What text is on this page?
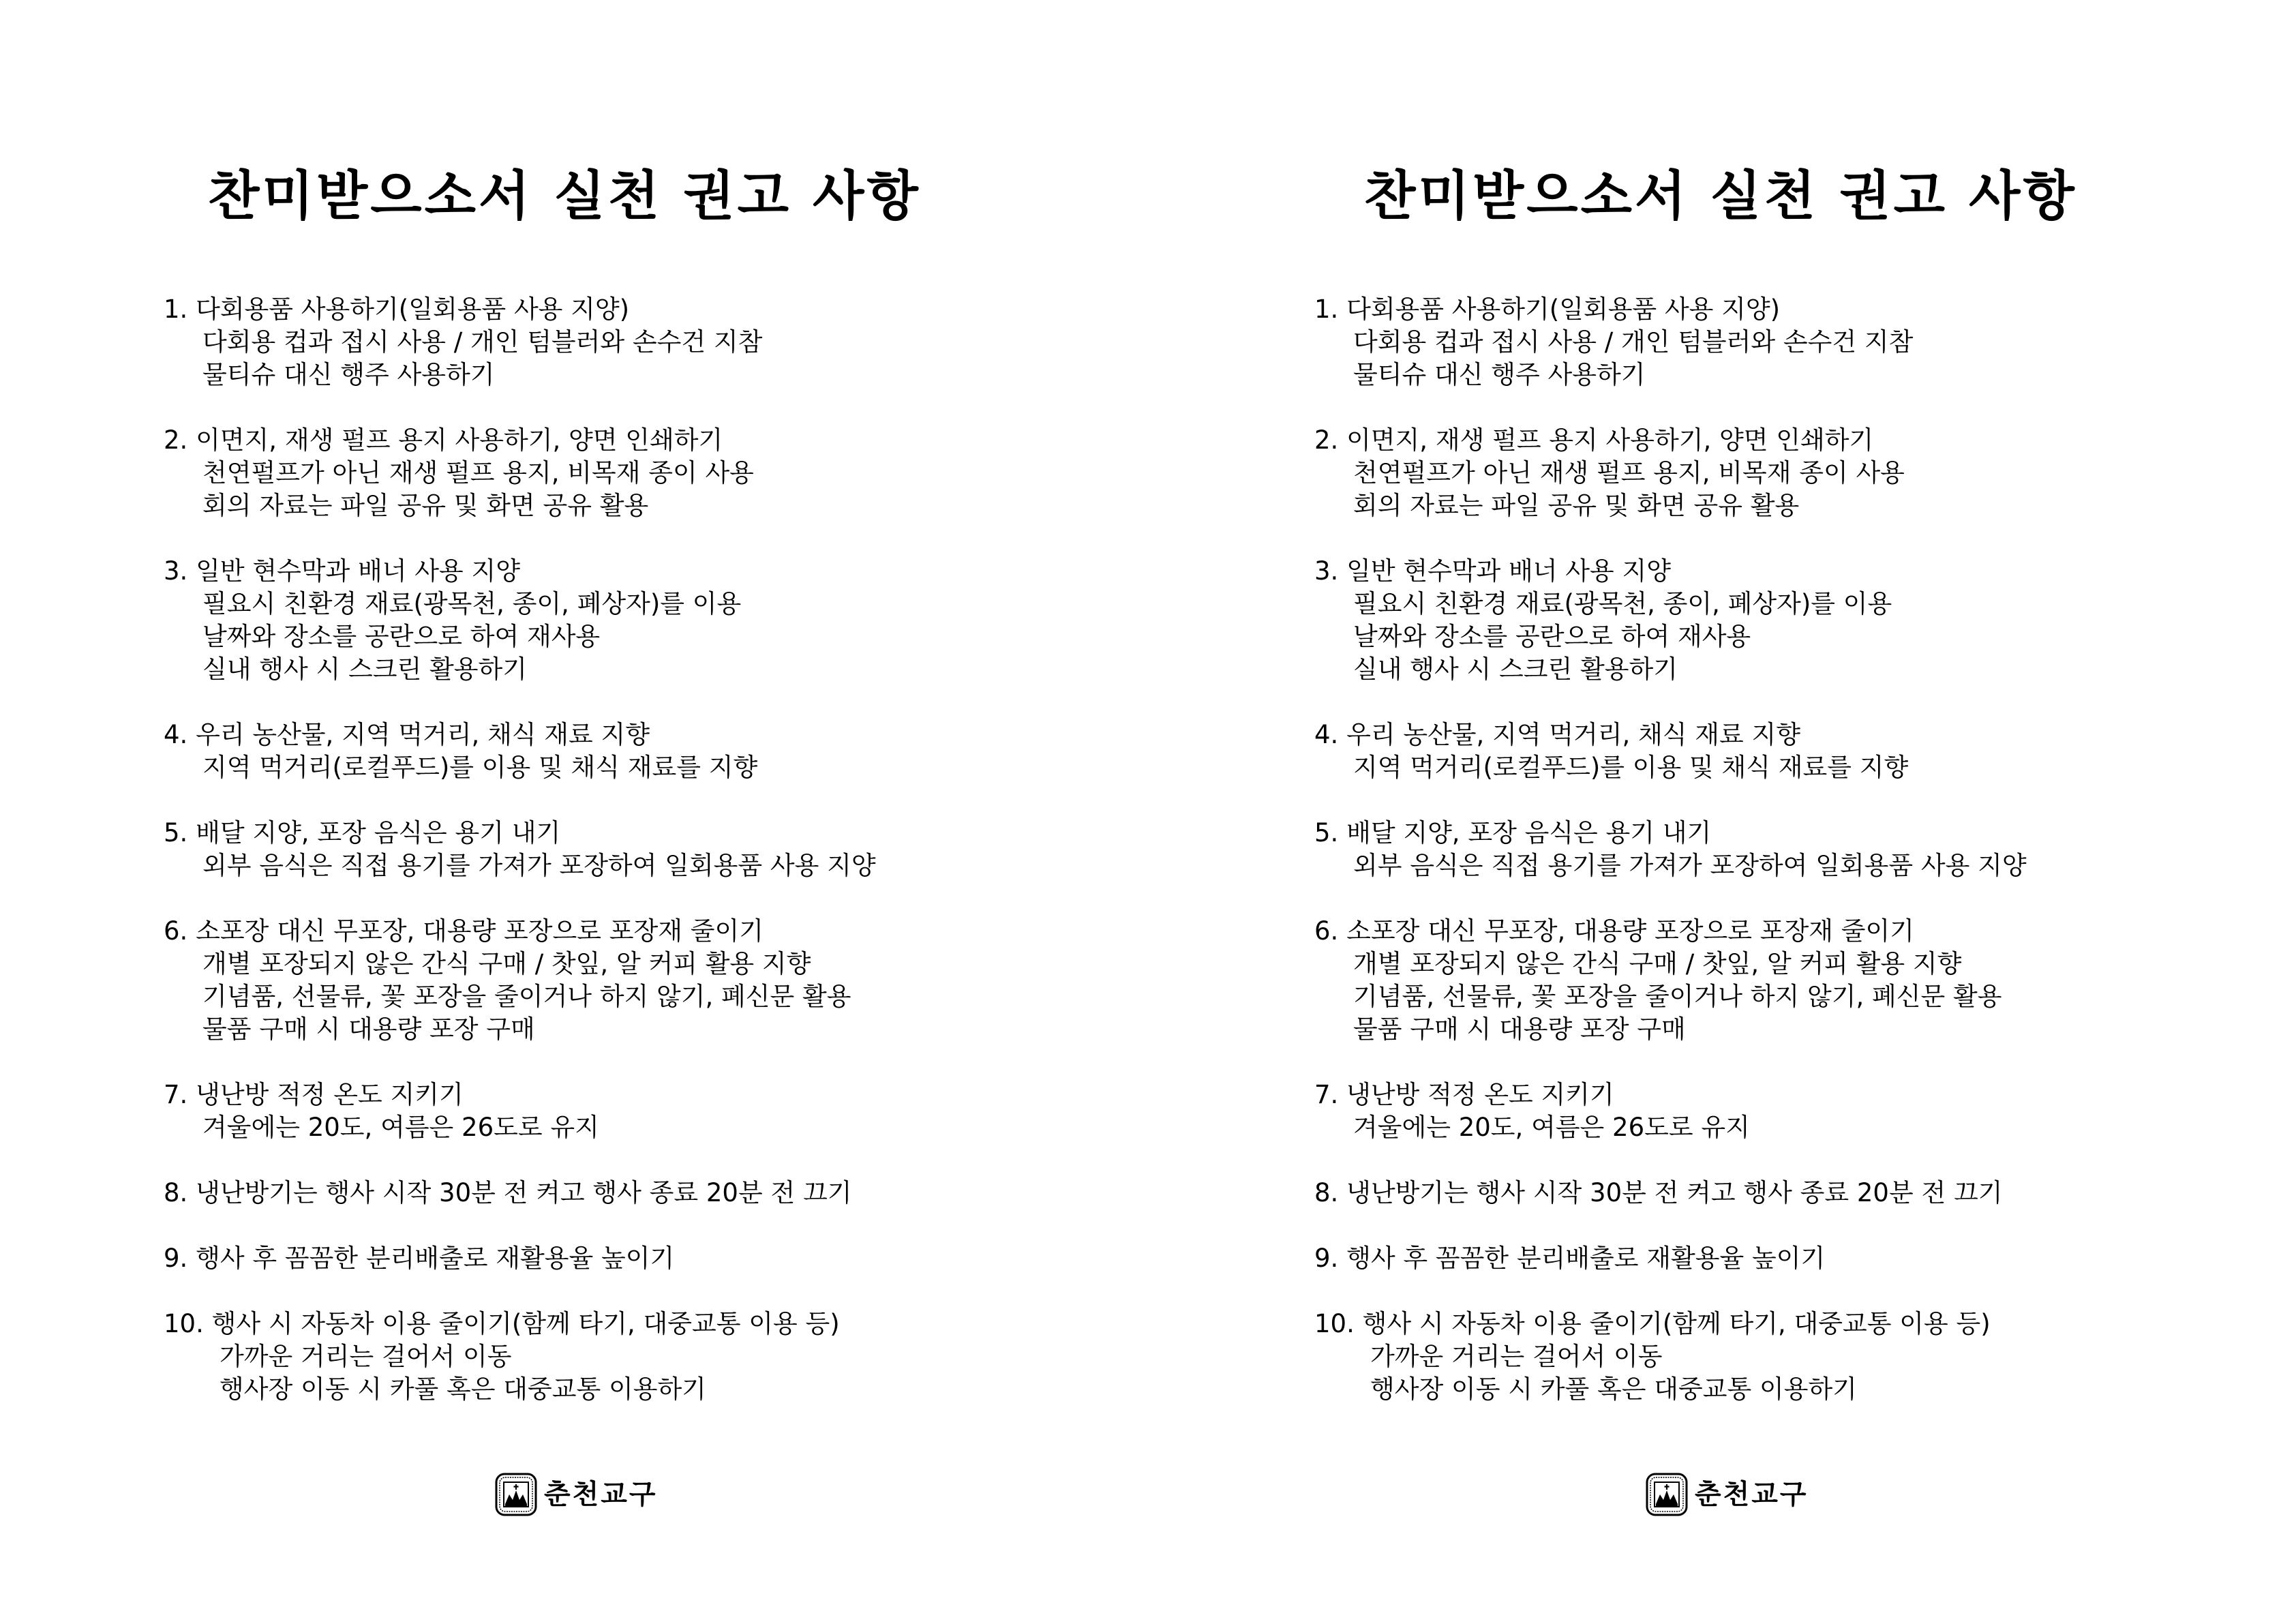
찬미받으소서 실천 권고 사항
1. 다회용품 사용하기(일회용품 사용 지양)
다회용 컵과 접시 사용 / 개인 텀블러와 손수건 지참
물티슈 대신 행주 사용하기
2. 이면지, 재생 펄프 용지 사용하기, 양면 인쇄하기
천연펄프가 아닌 재생 펄프 용지, 비목재 종이 사용
회의 자료는 파일 공유 및 화면 공유 활용
3. 일반 현수막과 배너 사용 지양
필요시 친환경 재료(광목천, 종이, 폐상자)를 이용
날짜와 장소를 공란으로 하여 재사용
실내 행사 시 스크린 활용하기
4. 우리 농산물, 지역 먹거리, 채식 재료 지향
지역 먹거리(로컬푸드)를 이용 및 채식 재료를 지향
5. 배달 지양, 포장 음식은 용기 내기
외부 음식은 직접 용기를 가져가 포장하여 일회용품 사용 지양
6. 소포장 대신 무포장, 대용량 포장으로 포장재 줄이기
개별 포장되지 않은 간식 구매 / 찻잎, 알 커피 활용 지향
기념품, 선물류, 꽃 포장을 줄이거나 하지 않기, 폐신문 활용
물품 구매 시 대용량 포장 구매
7. 냉난방 적정 온도 지키기
겨울에는 20도, 여름은 26도로 유지
8. 냉난방기는 행사 시작 30분 전 켜고 행사 종료 20분 전 끄기
9. 행사 후 꼼꼼한 분리배출로 재활용율 높이기
10. 행사 시 자동차 이용 줄이기(함께 타기, 대중교통 이용 등)
가까운 거리는 걸어서 이동
행사장 이동 시 카풀 혹은 대중교통 이용하기
춘천교구
찬미받으소서 실천 권고 사항
1. 다회용품 사용하기(일회용품 사용 지양)
다회용 컵과 접시 사용 / 개인 텀블러와 손수건 지참
물티슈 대신 행주 사용하기
2. 이면지, 재생 펄프 용지 사용하기, 양면 인쇄하기
천연펄프가 아닌 재생 펄프 용지, 비목재 종이 사용
회의 자료는 파일 공유 및 화면 공유 활용
3. 일반 현수막과 배너 사용 지양
필요시 친환경 재료(광목천, 종이, 폐상자)를 이용
날짜와 장소를 공란으로 하여 재사용
실내 행사 시 스크린 활용하기
4. 우리 농산물, 지역 먹거리, 채식 재료 지향
지역 먹거리(로컬푸드)를 이용 및 채식 재료를 지향
5. 배달 지양, 포장 음식은 용기 내기
외부 음식은 직접 용기를 가져가 포장하여 일회용품 사용 지양
6. 소포장 대신 무포장, 대용량 포장으로 포장재 줄이기
개별 포장되지 않은 간식 구매 / 찻잎, 알 커피 활용 지향
기념품, 선물류, 꽃 포장을 줄이거나 하지 않기, 폐신문 활용
물품 구매 시 대용량 포장 구매
7. 냉난방 적정 온도 지키기
겨울에는 20도, 여름은 26도로 유지
8. 냉난방기는 행사 시작 30분 전 켜고 행사 종료 20분 전 끄기
9. 행사 후 꼼꼼한 분리배출로 재활용율 높이기
10. 행사 시 자동차 이용 줄이기(함께 타기, 대중교통 이용 등)
가까운 거리는 걸어서 이동
행사장 이동 시 카풀 혹은 대중교통 이용하기
춘천교구
